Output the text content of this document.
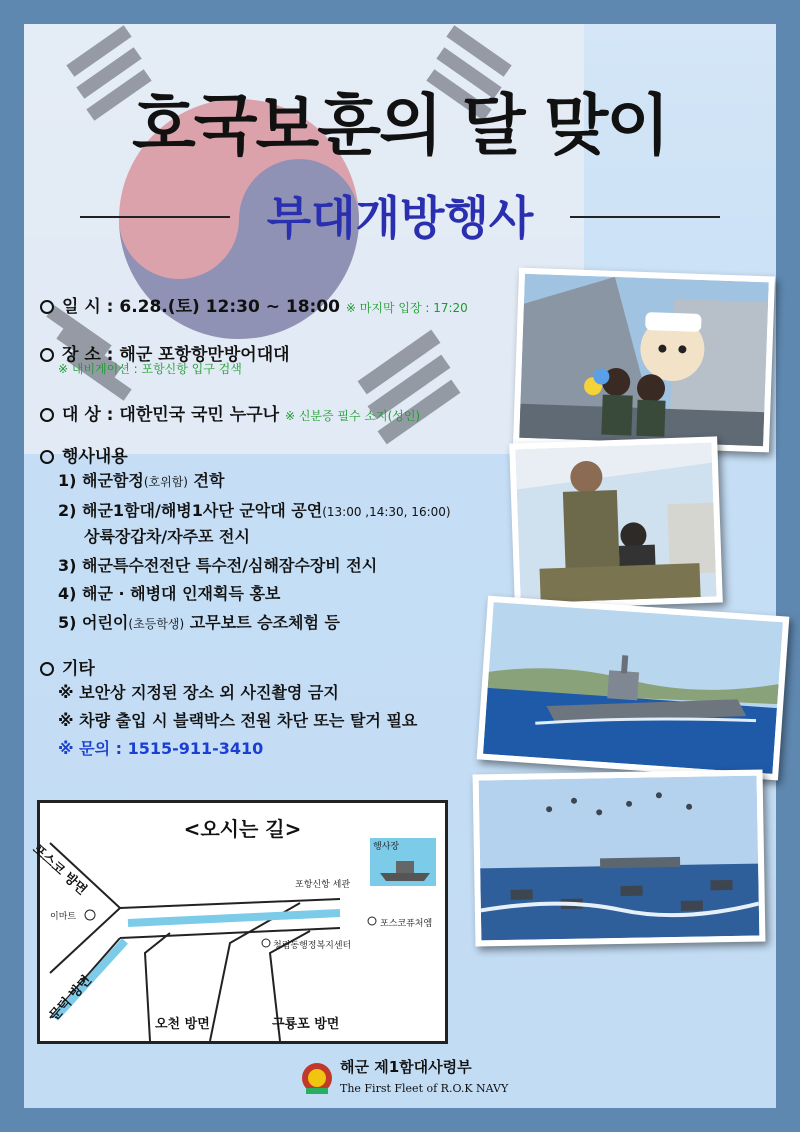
호국보훈의 달 맞이
부대개방행사
일 시 : 6.28.(토) 12:30 ~ 18:00 ※ 마지막 입장 : 17:20
장 소 : 해군 포항항만방어대대
※ 내비게이션 : 포항신항 입구 검색
대 상 : 대한민국 국민 누구나 ※ 신분증 필수 소지(성인)
행사내용
1) 해군함정(호위함) 견학
2) 해군1함대/해병1사단 군악대 공연(13:00 ,14:30, 16:00)
상륙장갑차/자주포 전시
3) 해군특수전전단 특수전/심해잠수장비 전시
4) 해군 · 해병대 인재획득 홍보
5) 어린이(초등학생) 고무보트 승조체험 등
기타
※ 보안상 지정된 장소 외 사진촬영 금지
※ 차량 출입 시 블랙박스 전원 차단 또는 탈거 필요
※ 문의 : 1515-911-3410
<오시는 길>
포스코 방면
문덕 방면
오천 방면	구룡포 방면
이마트
행사장
포항신항 세관
포스코퓨처엠
청림동행정복지센터
해군 제1함대사령부
The First Fleet of R.O.K NAVY
